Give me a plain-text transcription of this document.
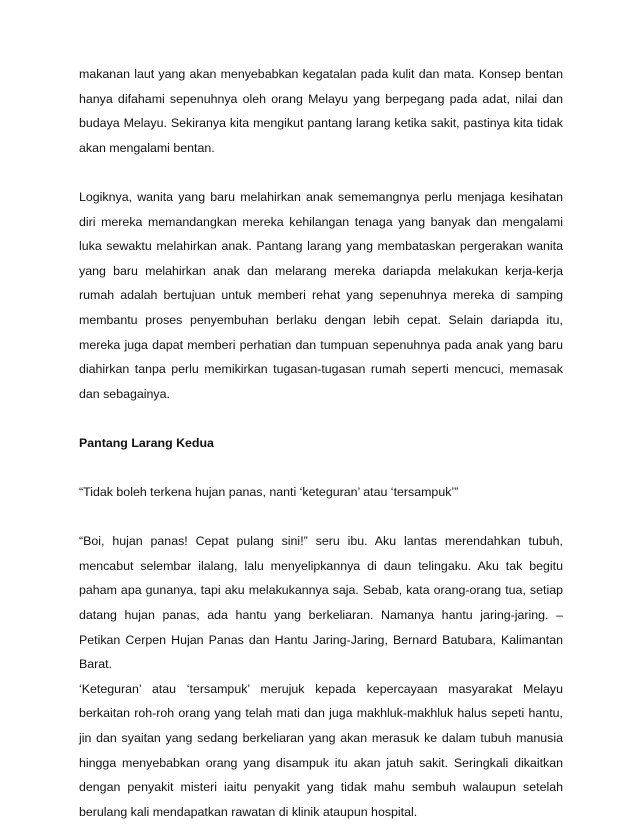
makanan laut yang akan menyebabkan kegatalan pada kulit dan mata. Konsep bentan
hanya difahami sepenuhnya oleh orang Melayu yang berpegang pada adat, nilai dan
budaya Melayu. Sekiranya kita mengikut pantang larang ketika sakit, pastinya kita tidak
akan mengalami bentan.
Logiknya, wanita yang baru melahirkan anak sememangnya perlu menjaga kesihatan
diri mereka memandangkan mereka kehilangan tenaga yang banyak dan mengalami
luka sewaktu melahirkan anak. Pantang larang yang membataskan pergerakan wanita
yang baru melahirkan anak dan melarang mereka dariapda melakukan kerja-kerja
rumah adalah bertujuan untuk memberi rehat yang sepenuhnya mereka di samping
membantu proses penyembuhan berlaku dengan lebih cepat. Selain dariapda itu,
mereka juga dapat memberi perhatian dan tumpuan sepenuhnya pada anak yang baru
diahirkan tanpa perlu memikirkan tugasan-tugasan rumah seperti mencuci, memasak
dan sebagainya.

Pantang Larang Kedua

“Tidak boleh terkena hujan panas, nanti ‘keteguran’ atau ‘tersampuk’”

“Boi, hujan panas! Cepat pulang sini!” seru ibu. Aku lantas merendahkan tubuh,
mencabut selembar ilalang, lalu menyelipkannya di daun telingaku. Aku tak begitu
paham apa gunanya, tapi aku melakukannya saja. Sebab, kata orang-orang tua, setiap
datang hujan panas, ada hantu yang berkeliaran. Namanya hantu jaring-jaring. –
Petikan Cerpen Hujan Panas dan Hantu Jaring-Jaring, Bernard Batubara, Kalimantan
Barat.
‘Keteguran’ atau ‘tersampuk’ merujuk kepada kepercayaan masyarakat Melayu
berkaitan roh-roh orang yang telah mati dan juga makhluk-makhluk halus sepeti hantu,
jin dan syaitan yang sedang berkeliaran yang akan merasuk ke dalam tubuh manusia
hingga menyebabkan orang yang disampuk itu akan jatuh sakit. Seringkali dikaitkan
dengan penyakit misteri iaitu penyakit yang tidak mahu sembuh walaupun setelah
berulang kali mendapatkan rawatan di klinik ataupun hospital.
